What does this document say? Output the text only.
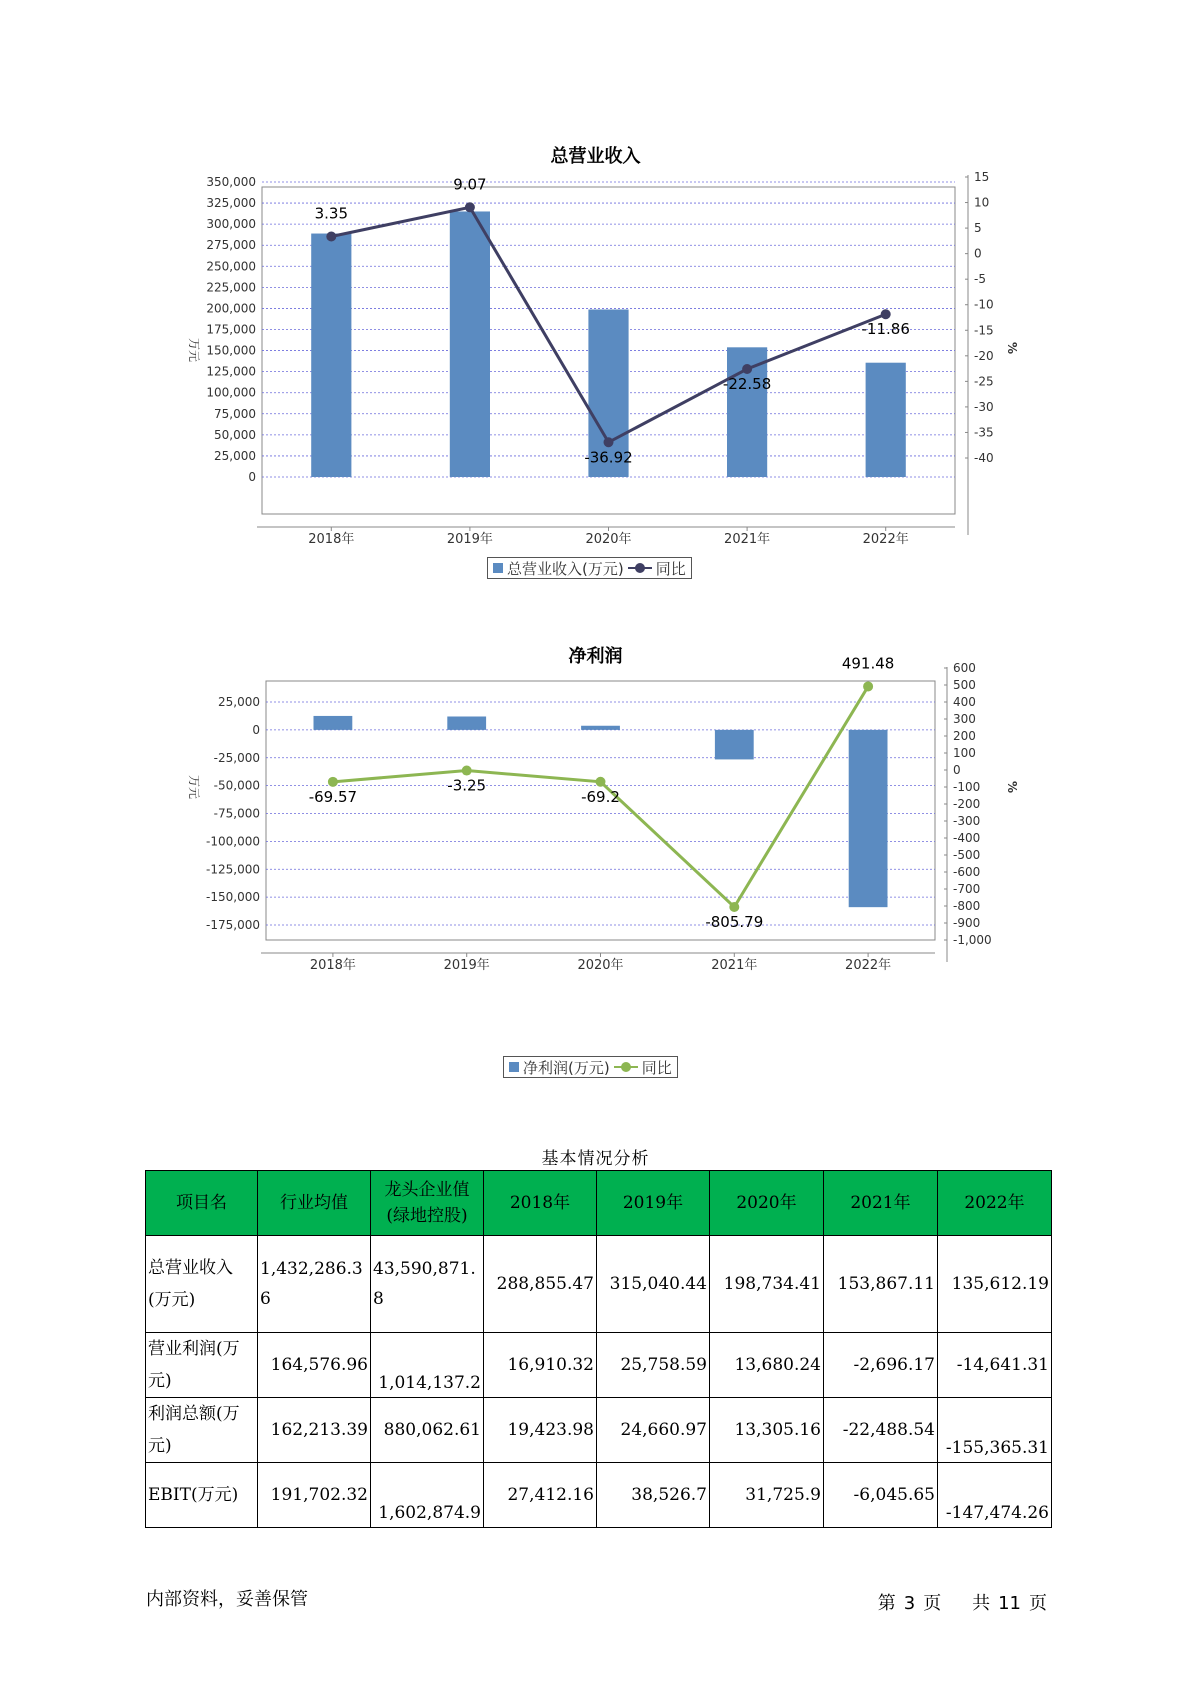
总营业收入
0
25,000
50,000
75,000
100,000
125,000
150,000
175,000
200,000
225,000
250,000
275,000
300,000
325,000
350,000
-40
-35
-30
-25
-20
-15
-10
-5
0
5
10
15
万元	%
2018年	2019年	2020年	2021年	2022年
3.35
9.07
-36.92
-22.58
-11.86
总营业收入(万元) 同比
净利润
-175,000
-150,000
-125,000
-100,000
-75,000
-50,000
-25,000
0
25,000
-1,000
-900
-800
-700
-600
-500
-400
-300
-200
-100
0
100
200
300
400
500
600
万元	%
2018年	2019年	2020年	2021年	2022年
-69.57
-3.25
-69.2
-805.79
491.48
净利润(万元) 同比
基本情况分析
项目名	行业均值	龙头企业值(绿地控股)	2018年	2019年	2020年	2021年	2022年
总营业收入(万元)	1,432,286.36	43,590,871.8	288,855.47	315,040.44	198,734.41	153,867.11	135,612.19
营业利润(万元)	164,576.96	1,014,137.2	16,910.32	25,758.59	13,680.24	-2,696.17	-14,641.31
利润总额(万元)	162,213.39	880,062.61	19,423.98	24,660.97	13,305.16	-22,488.54	-155,365.31
EBIT(万元)	191,702.32	1,602,874.9	27,412.16	38,526.7	31,725.9	-6,045.65	-147,474.26
内部资料，妥善保管	第 3 页 共 11 页
